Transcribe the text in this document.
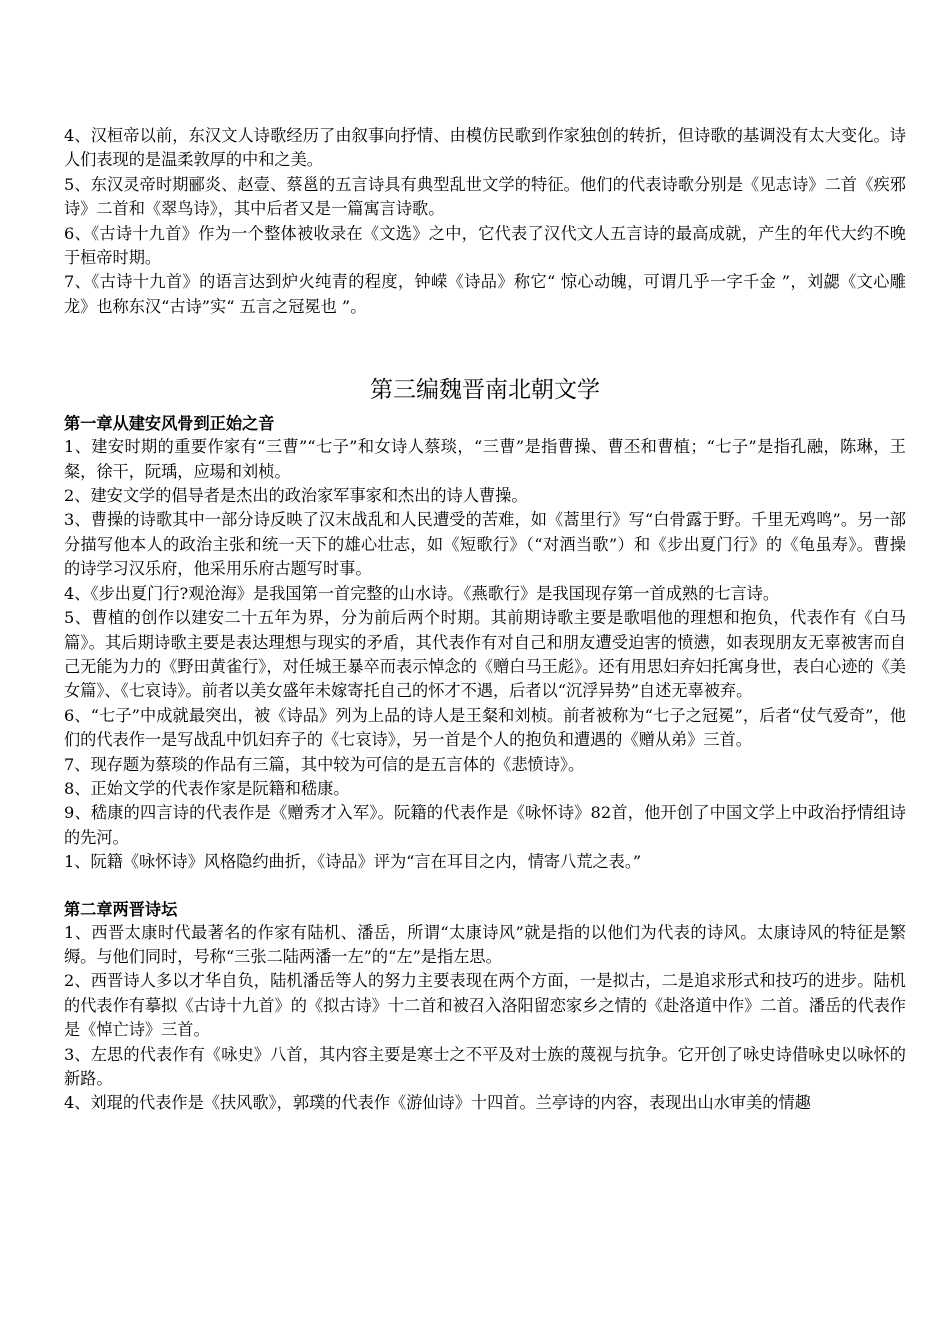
4、汉桓帝以前，东汉文人诗歌经历了由叙事向抒情、由模仿民歌到作家独创的转折，但诗歌的基调没有太大变化。诗人们表现的是温柔敦厚的中和之美。

5、东汉灵帝时期郦炎、赵壹、蔡邕的五言诗具有典型乱世文学的特征。他们的代表诗歌分别是《见志诗》二首《疾邪诗》二首和《翠鸟诗》，其中后者又是一篇寓言诗歌。

6、《古诗十九首》作为一个整体被收录在《文选》之中，它代表了汉代文人五言诗的最高成就，产生的年代大约不晚于桓帝时期。

7、《古诗十九首》的语言达到炉火纯青的程度，钟嵘《诗品》称它“ 惊心动魄，可谓几乎一字千金 ”，刘勰《文心雕龙》也称东汉“古诗”实“ 五言之冠冕也 ”。

第三编魏晋南北朝文学
第一章从建安风骨到正始之音

1、建安时期的重要作家有“三曹”“七子”和女诗人蔡琰，“三曹”是指曹操、曹丕和曹植；“七子”是指孔融，陈琳，王粲，徐干，阮瑀，应瑒和刘桢。

2、建安文学的倡导者是杰出的政治家军事家和杰出的诗人曹操。

3、曹操的诗歌其中一部分诗反映了汉末战乱和人民遭受的苦难，如《蒿里行》写“白骨露于野。千里无鸡鸣”。另一部分描写他本人的政治主张和统一天下的雄心壮志，如《短歌行》（“对酒当歌”）和《步出夏门行》的《龟虽寿》。曹操的诗学习汉乐府，他采用乐府古题写时事。

4、《步出夏门行?观沧海》是我国第一首完整的山水诗。《燕歌行》是我国现存第一首成熟的七言诗。

5、曹植的创作以建安二十五年为界，分为前后两个时期。其前期诗歌主要是歌唱他的理想和抱负，代表作有《白马篇》。其后期诗歌主要是表达理想与现实的矛盾，其代表作有对自己和朋友遭受迫害的愤懑，如表现朋友无辜被害而自己无能为力的《野田黄雀行》，对任城王暴卒而表示悼念的《赠白马王彪》。还有用思妇弃妇托寓身世，表白心迹的《美女篇》、《七哀诗》。前者以美女盛年未嫁寄托自己的怀才不遇，后者以“沉浮异势”自述无辜被弃。

6、“七子”中成就最突出，被《诗品》列为上品的诗人是王粲和刘桢。前者被称为“七子之冠冕”，后者“仗气爱奇”，他们的代表作一是写战乱中饥妇弃子的《七哀诗》，另一首是个人的抱负和遭遇的《赠从弟》三首。

7、现存题为蔡琰的作品有三篇，其中较为可信的是五言体的《悲愤诗》。

8、正始文学的代表作家是阮籍和嵇康。

9、嵇康的四言诗的代表作是《赠秀才入军》。阮籍的代表作是《咏怀诗》82首，他开创了中国文学上中政治抒情组诗的先河。

1、阮籍《咏怀诗》风格隐约曲折，《诗品》评为“言在耳目之内，情寄八荒之表。”

第二章两晋诗坛

1、西晋太康时代最著名的作家有陆机、潘岳，所谓“太康诗风”就是指的以他们为代表的诗风。太康诗风的特征是繁缛。与他们同时，号称“三张二陆两潘一左”的“左”是指左思。

2、西晋诗人多以才华自负，陆机潘岳等人的努力主要表现在两个方面，一是拟古，二是追求形式和技巧的进步。陆机的代表作有摹拟《古诗十九首》的《拟古诗》十二首和被召入洛阳留恋家乡之情的《赴洛道中作》二首。潘岳的代表作是《悼亡诗》三首。

3、左思的代表作有《咏史》八首，其内容主要是寒士之不平及对士族的蔑视与抗争。它开创了咏史诗借咏史以咏怀的新路。

4、刘琨的代表作是《扶风歌》，郭璞的代表作《游仙诗》十四首。兰亭诗的内容，表现出山水审美的情趣
